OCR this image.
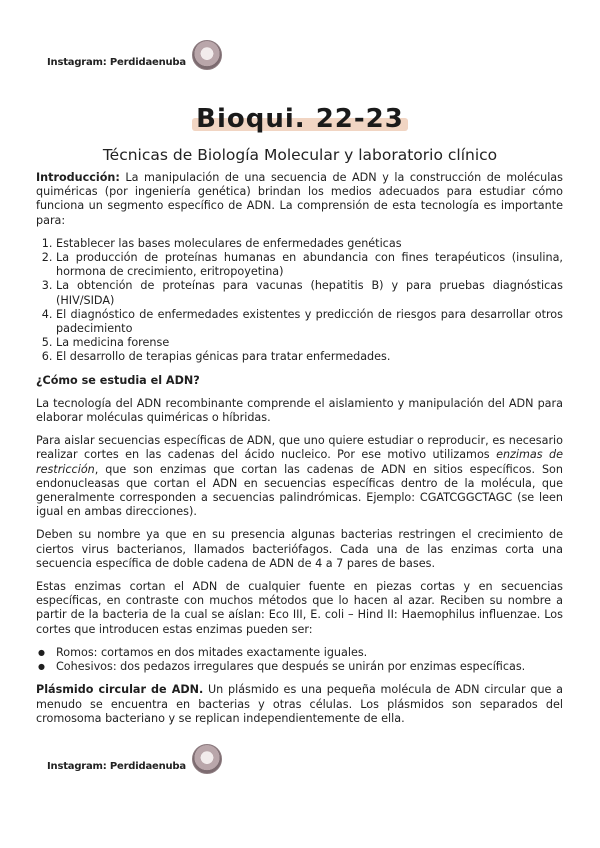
Instagram: Perdidaenuba
Bioqui. 22-23
Técnicas de Biología Molecular y laboratorio clínico

Introducción: La manipulación de una secuencia de ADN y la construcción de moléculas quiméricas (por ingeniería genética) brindan los medios adecuados para estudiar cómo funciona un segmento específico de ADN. La comprensión de esta tecnología es importante para:

1. Establecer las bases moleculares de enfermedades genéticas
2. La producción de proteínas humanas en abundancia con fines terapéuticos (insulina, hormona de crecimiento, eritropoyetina)
3. La obtención de proteínas para vacunas (hepatitis B) y para pruebas diagnósticas (HIV/SIDA)
4. El diagnóstico de enfermedades existentes y predicción de riesgos para desarrollar otros padecimiento
5. La medicina forense
6. El desarrollo de terapias génicas para tratar enfermedades.
¿Cómo se estudia el ADN?

La tecnología del ADN recombinante comprende el aislamiento y manipulación del ADN para elaborar moléculas quiméricas o híbridas.

Para aislar secuencias específicas de ADN, que uno quiere estudiar o reproducir, es necesario realizar cortes en las cadenas del ácido nucleico. Por ese motivo utilizamos enzimas de restricción, que son enzimas que cortan las cadenas de ADN en sitios específicos. Son endonucleasas que cortan el ADN en secuencias específicas dentro de la molécula, que generalmente corresponden a secuencias palindrómicas. Ejemplo: CGATCGGCTAGC (se leen igual en ambas direcciones).

Deben su nombre ya que en su presencia algunas bacterias restringen el crecimiento de ciertos virus bacterianos, llamados bacteriófagos. Cada una de las enzimas corta una secuencia específica de doble cadena de ADN de 4 a 7 pares de bases.

Estas enzimas cortan el ADN de cualquier fuente en piezas cortas y en secuencias específicas, en contraste con muchos métodos que lo hacen al azar. Reciben su nombre a partir de la bacteria de la cual se aíslan: Eco III, E. coli – Hind II: Haemophilus influenzae. Los cortes que introducen estas enzimas pueden ser:

● Romos: cortamos en dos mitades exactamente iguales.
● Cohesivos: dos pedazos irregulares que después se unirán por enzimas específicas.

Plásmido circular de ADN. Un plásmido es una pequeña molécula de ADN circular que a menudo se encuentra en bacterias y otras células. Los plásmidos son separados del cromosoma bacteriano y se replican independientemente de ella.

Instagram: Perdidaenuba
